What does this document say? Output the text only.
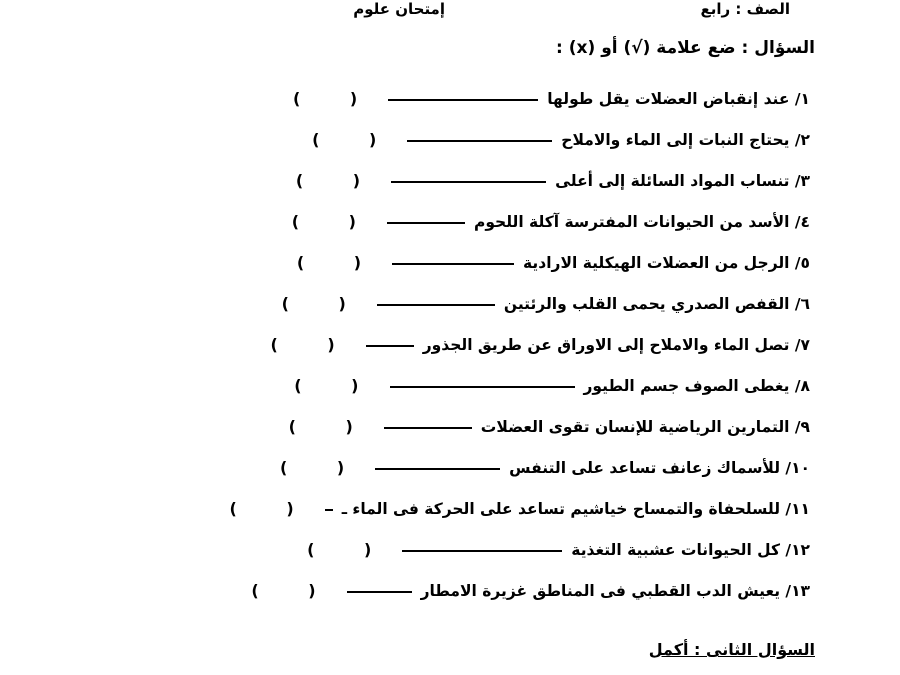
الصف : رابع
إمتحان علوم
السؤال : ضع علامة (√) أو (x) :
١/ عند إنقباض العضلات يقل طولها
( )
٢/ يحتاج النبات إلى الماء والاملاح
( )
٣/ تنساب المواد السائلة إلى أعلى
( )
٤/ الأسد من الحيوانات المفترسة آكلة اللحوم
( )
٥/ الرجل من العضلات الهيكلية الارادية
( )
٦/ القفص الصدري يحمى القلب والرئتين
( )
٧/ تصل الماء والاملاح إلى الاوراق عن طريق الجذور
( )
٨/ يغطى الصوف جسم الطيور
( )
٩/ التمارين الرياضية للإنسان تقوى العضلات
( )
١٠/ للأسماك زعانف تساعد على التنفس
( )
١١/ للسلحفاة والتمساح خياشيم تساعد على الحركة فى الماء ـ
( )
١٢/ كل الحيوانات عشبية التغذية
( )
١٣/ يعيش الدب القطبي فى المناطق غزيرة الامطار
( )
السؤال الثانى : أكمل
